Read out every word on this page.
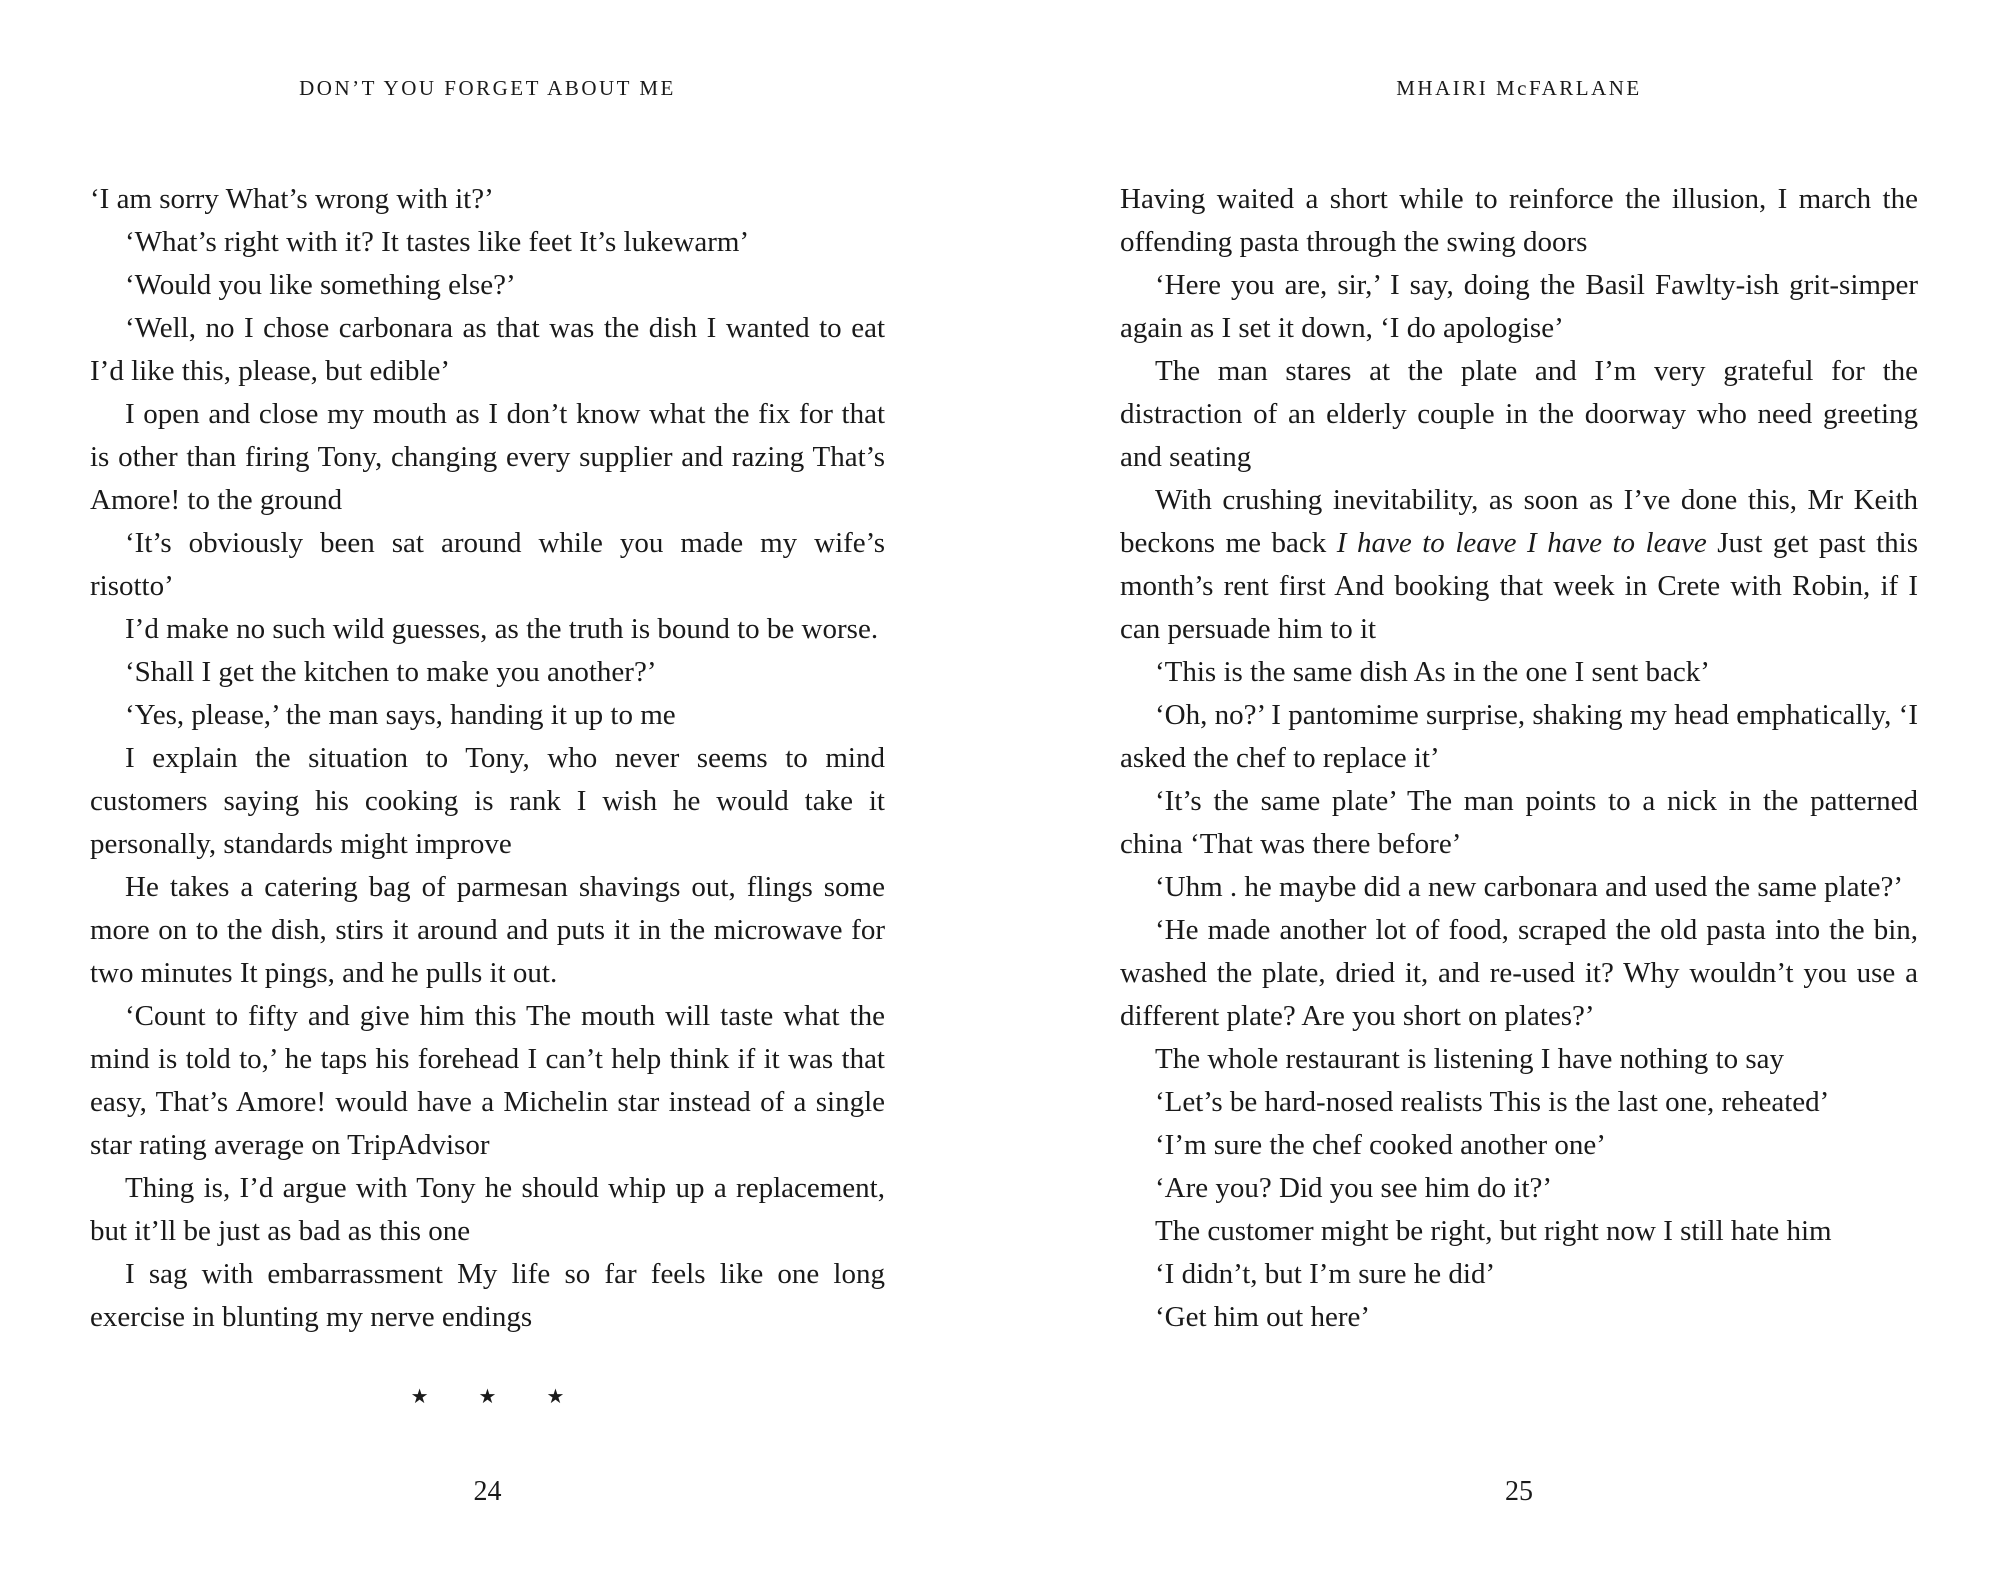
DON’T YOU FORGET ABOUT ME

‘I am sorry What’s wrong with it?’

‘What’s right with it? It tastes like feet It’s lukewarm’

‘Would you like something else?’

‘Well, no I chose carbonara as that was the dish I wanted to eat I’d like this, please, but edible’

I open and close my mouth as I don’t know what the fix for that is other than firing Tony, changing every supplier and razing That’s Amore! to the ground

‘It’s obviously been sat around while you made my wife’s risotto’

I’d make no such wild guesses, as the truth is bound to be worse.

‘Shall I get the kitchen to make you another?’

‘Yes, please,’ the man says, handing it up to me

I explain the situation to Tony, who never seems to mind customers saying his cooking is rank I wish he would take it personally, standards might improve

He takes a catering bag of parmesan shavings out, flings some more on to the dish, stirs it around and puts it in the microwave for two minutes It pings, and he pulls it out.

‘Count to fifty and give him this The mouth will taste what the mind is told to,’ he taps his forehead I can’t help think if it was that easy, That’s Amore! would have a Michelin star instead of a single star rating average on TripAdvisor

Thing is, I’d argue with Tony he should whip up a replacement, but it’ll be just as bad as this one

I sag with embarrassment My life so far feels like one long exercise in blunting my nerve endings

★★★
24
MHAIRI McFARLANE

Having waited a short while to reinforce the illusion, I march the offending pasta through the swing doors

‘Here you are, sir,’ I say, doing the Basil Fawlty-ish grit-simper again as I set it down, ‘I do apologise’

The man stares at the plate and I’m very grateful for the distraction of an elderly couple in the doorway who need greeting and seating

With crushing inevitability, as soon as I’ve done this, Mr Keith beckons me back I have to leave I have to leave Just get past this month’s rent first And booking that week in Crete with Robin, if I can persuade him to it

‘This is the same dish As in the one I sent back’

‘Oh, no?’ I pantomime surprise, shaking my head emphatically, ‘I asked the chef to replace it’

‘It’s the same plate’ The man points to a nick in the patterned china ‘That was there before’

‘Uhm . he maybe did a new carbonara and used the same plate?’

‘He made another lot of food, scraped the old pasta into the bin, washed the plate, dried it, and re-used it? Why wouldn’t you use a different plate? Are you short on plates?’

The whole restaurant is listening I have nothing to say

‘Let’s be hard-nosed realists This is the last one, reheated’

‘I’m sure the chef cooked another one’

‘Are you? Did you see him do it?’

The customer might be right, but right now I still hate him

‘I didn’t, but I’m sure he did’

‘Get him out here’

25
